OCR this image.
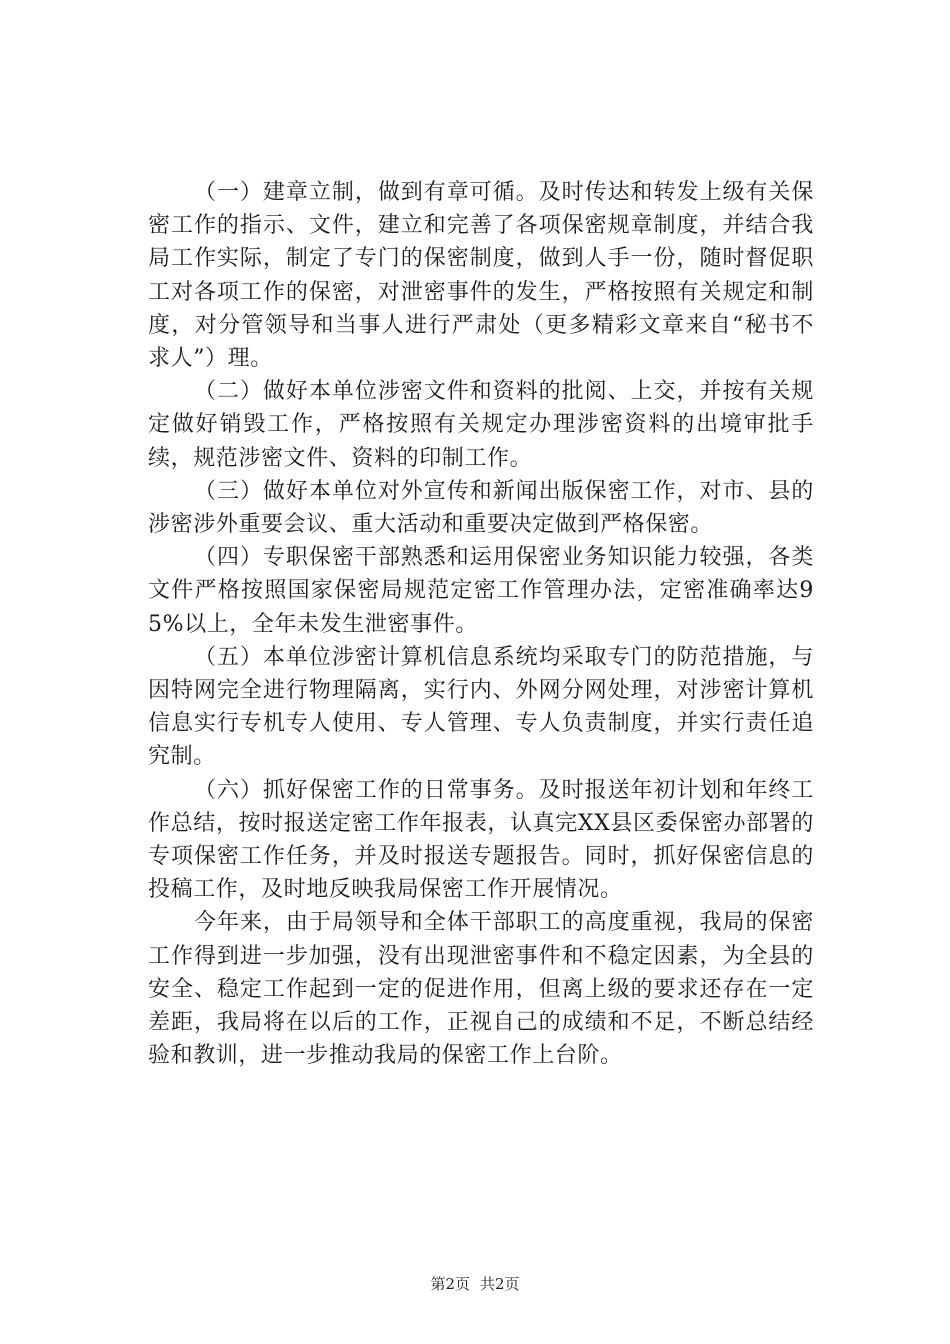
（一）建章立制，做到有章可循。及时传达和转发上级有关保密工作的指示、文件，建立和完善了各项保密规章制度，并结合我局工作实际，制定了专门的保密制度，做到人手一份，随时督促职工对各项工作的保密，对泄密事件的发生，严格按照有关规定和制度，对分管领导和当事人进行严肃处（更多精彩文章来自“秘书不求人”）理。

（二）做好本单位涉密文件和资料的批阅、上交，并按有关规定做好销毁工作，严格按照有关规定办理涉密资料的出境审批手续，规范涉密文件、资料的印制工作。

（三）做好本单位对外宣传和新闻出版保密工作，对市、县的涉密涉外重要会议、重大活动和重要决定做到严格保密。

（四）专职保密干部熟悉和运用保密业务知识能力较强，各类文件严格按照国家保密局规范定密工作管理办法，定密准确率达95%以上，全年未发生泄密事件。

（五）本单位涉密计算机信息系统均采取专门的防范措施，与因特网完全进行物理隔离，实行内、外网分网处理，对涉密计算机信息实行专机专人使用、专人管理、专人负责制度，并实行责任追究制。

（六）抓好保密工作的日常事务。及时报送年初计划和年终工作总结，按时报送定密工作年报表，认真完XX县区委保密办部署的专项保密工作任务，并及时报送专题报告。同时，抓好保密信息的投稿工作，及时地反映我局保密工作开展情况。

今年来，由于局领导和全体干部职工的高度重视，我局的保密工作得到进一步加强，没有出现泄密事件和不稳定因素，为全县的安全、稳定工作起到一定的促进作用，但离上级的要求还存在一定差距，我局将在以后的工作，正视自己的成绩和不足，不断总结经验和教训，进一步推动我局的保密工作上台阶。

第2页 共2页
